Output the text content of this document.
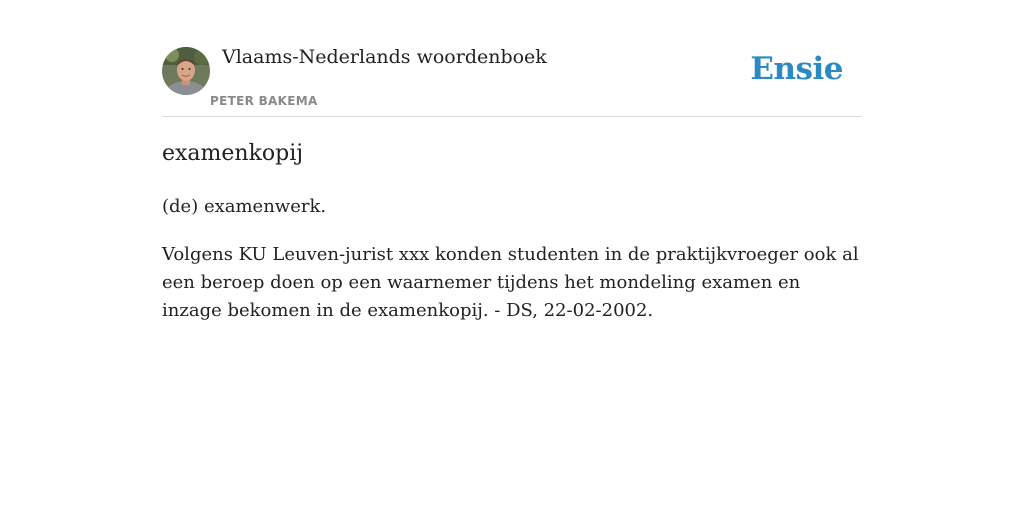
Vlaams-Nederlands woordenboek
PETER BAKEMA
Ensie
examenkopij

(de) examenwerk.

Volgens KU Leuven-jurist xxx konden studenten in de praktijkvroeger ook al een beroep doen op een waarnemer tijdens het mondeling examen en inzage bekomen in de examenkopij. - DS, 22-02-2002.
